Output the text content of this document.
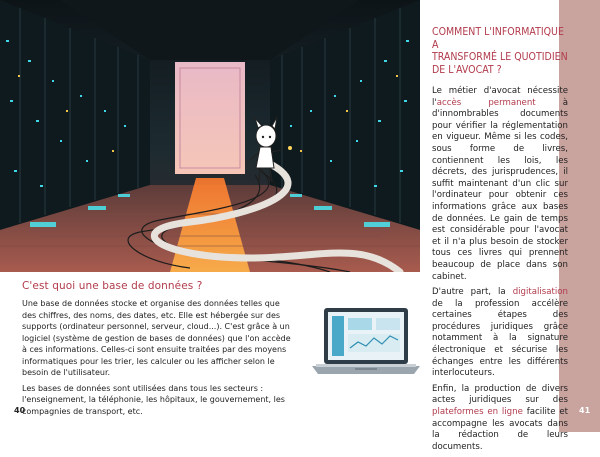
C'est quoi une base de données ?

Une base de données stocke et organise des données telles que des chiffres, des noms, des dates, etc. Elle est hébergée sur des supports (ordinateur personnel, serveur, cloud...). C'est grâce à un logiciel (système de gestion de bases de données) que l'on accède à ces informations. Celles-ci sont ensuite traitées par des moyens informatiques pour les trier, les calculer ou les afficher selon le besoin de l'utilisateur.

Les bases de données sont utilisées dans tous les secteurs : l'enseignement, la téléphonie, les hôpitaux, le gouvernement, les compagnies de transport, etc.

40
COMMENT L'INFORMATIQUE A
TRANSFORMÉ LE QUOTIDIEN
DE L'AVOCAT ?

Le métier d'avocat nécessite l'accès permanent à d'innombrables documents pour vérifier la réglementation en vigueur. Même si les codes, sous forme de livres, contiennent les lois, les décrets, des jurisprudences, il suffit maintenant d'un clic sur l'ordinateur pour obtenir ces informations grâce aux bases de données. Le gain de temps est considérable pour l'avocat et il n'a plus besoin de stocker tous ces livres qui prennent beaucoup de place dans son cabinet.

D'autre part, la digitalisation de la profession accélère certaines étapes des procédures juridiques grâce notamment à la signature électronique et sécurise les échanges entre les différents interlocuteurs.

Enfin, la production de divers actes juridiques sur des plateformes en ligne facilite et accompagne les avocats dans la rédaction de leurs documents.

41
